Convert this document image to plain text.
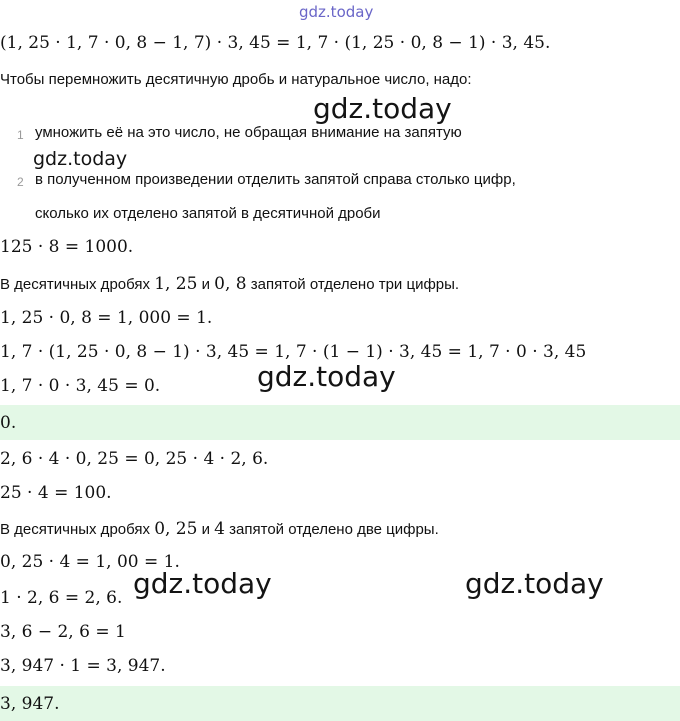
gdz.today
(1, 25 · 1, 7 · 0, 8 − 1, 7) · 3, 45 = 1, 7 · (1, 25 · 0, 8 − 1) · 3, 45.
Чтобы перемножить десятичную дробь и натуральное число, надо:
gdz.today
1 умножить её на это число, не обращая внимание на запятую
gdz.today
2 в полученном произведении отделить запятой справа столько цифр,
сколько их отделено запятой в десятичной дроби
125 · 8 = 1000.
В десятичных дробях 1, 25 и 0, 8 запятой отделено три цифры.
1, 25 · 0, 8 = 1, 000 = 1.
1, 7 · (1, 25 · 0, 8 − 1) · 3, 45 = 1, 7 · (1 − 1) · 3, 45 = 1, 7 · 0 · 3, 45
1, 7 · 0 · 3, 45 = 0.	gdz.today
0.
2, 6 · 4 · 0, 25 = 0, 25 · 4 · 2, 6.
25 · 4 = 100.
В десятичных дробях 0, 25 и 4 запятой отделено две цифры.
0, 25 · 4 = 1, 00 = 1.
gdz.today	gdz.today
1 · 2, 6 = 2, 6.
3, 6 − 2, 6 = 1
3, 947 · 1 = 3, 947.
3, 947.
